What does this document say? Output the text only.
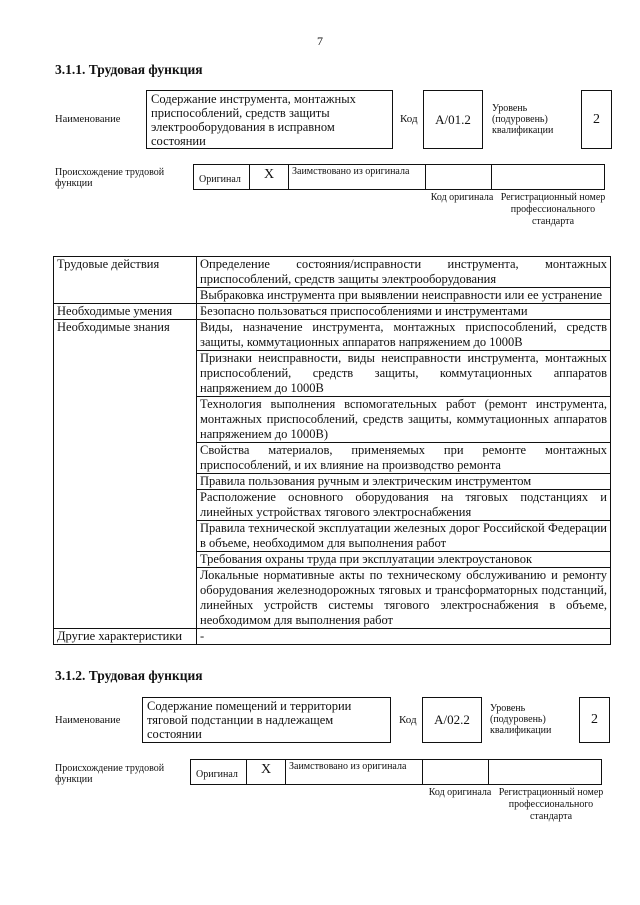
7
3.1.1. Трудовая функция
Наименование
Содержание инструмента, монтажных приспособлений, средств защиты электрооборудования в исправном состоянии
Код	A/01.2
Уровень (подуровень) квалификации
2
Происхождение трудовой функции	Оригинал	X	Заимствовано из оригинала
Код оригинала Регистрационный номер профессионального стандарта
Трудовые действия	Определение состояния/исправности инструмента, монтажных приспособлений, средств защиты электрооборудования
	Выбраковка инструмента при выявлении неисправности или ее устранение
Необходимые умения	Безопасно пользоваться приспособлениями и инструментами
Необходимые знания	Виды, назначение инструмента, монтажных приспособлений, средств защиты, коммутационных аппаратов напряжением до 1000В
	Признаки неисправности, виды неисправности инструмента, монтажных приспособлений, средств защиты, коммутационных аппаратов напряжением до 1000В
	Технология выполнения вспомогательных работ (ремонт инструмента, монтажных приспособлений, средств защиты, коммутационных аппаратов напряжением до 1000В)
	Свойства материалов, применяемых при ремонте монтажных приспособлений, и их влияние на производство ремонта
	Правила пользования ручным и электрическим инструментом
	Расположение основного оборудования на тяговых подстанциях и линейных устройствах тягового электроснабжения
	Правила технической эксплуатации железных дорог Российской Федерации в объеме, необходимом для выполнения работ
	Требования охраны труда при эксплуатации электроустановок
	Локальные нормативные акты по техническому обслуживанию и ремонту оборудования железнодорожных тяговых и трансформаторных подстанций, линейных устройств системы тягового электроснабжения в объеме, необходимом для выполнения работ
Другие характеристики	-
3.1.2. Трудовая функция
Наименование
Содержание помещений и территории тяговой подстанции в надлежащем состоянии
Код	A/02.2
Уровень (подуровень) квалификации
2
Происхождение трудовой функции	Оригинал	X	Заимствовано из оригинала
Код оригинала Регистрационный номер профессионального стандарта
